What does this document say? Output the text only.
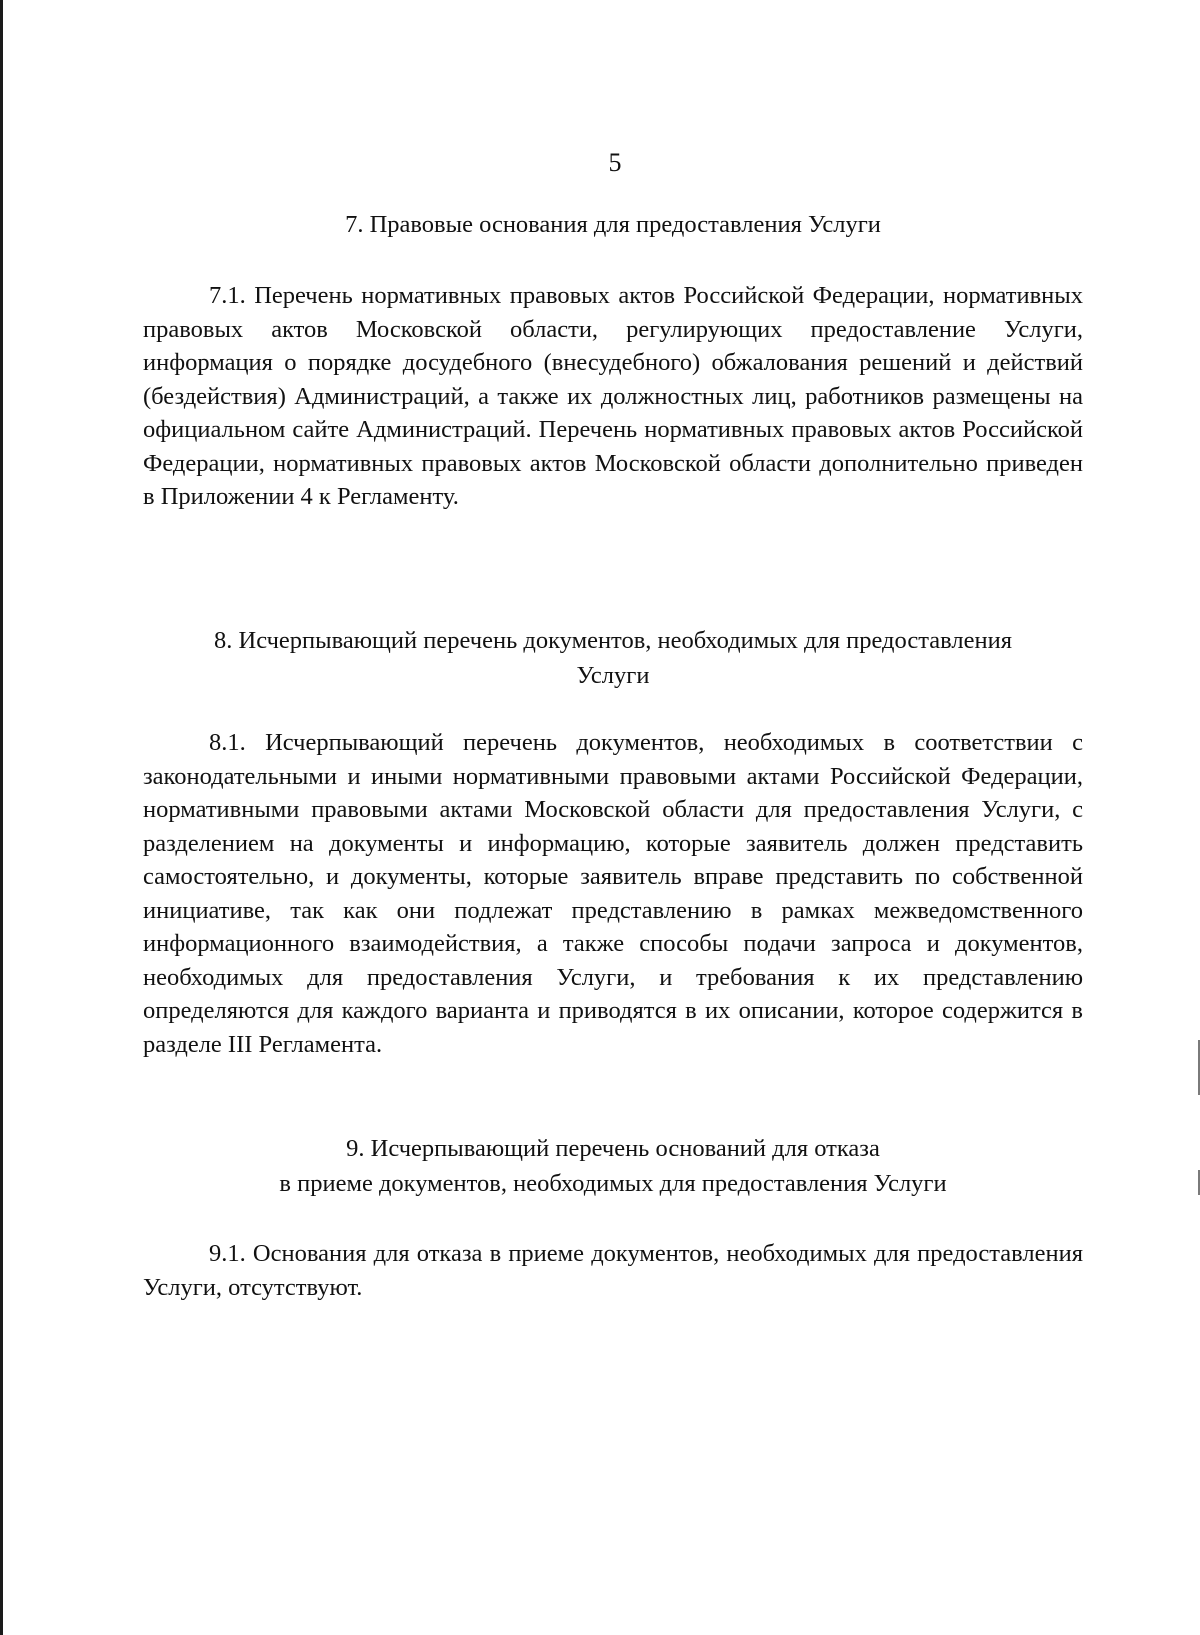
5
7. Правовые основания для предоставления Услуги

7.1. Перечень нормативных правовых актов Российской Федерации, нормативных правовых актов Московской области, регулирующих предоставление Услуги, информация о порядке досудебного (внесудебного) обжалования решений и действий (бездействия) Администраций, а также их должностных лиц, работников размещены на официальном сайте Администраций. Перечень нормативных правовых актов Российской Федерации, нормативных правовых актов Московской области дополнительно приведен в Приложении 4 к Регламенту.

8. Исчерпывающий перечень документов, необходимых для предоставления
Услуги

8.1. Исчерпывающий перечень документов, необходимых в соответствии с законодательными и иными нормативными правовыми актами Российской Федерации, нормативными правовыми актами Московской области для предоставления Услуги, с разделением на документы и информацию, которые заявитель должен представить самостоятельно, и документы, которые заявитель вправе представить по собственной инициативе, так как они подлежат представлению в рамках межведомственного информационного взаимодействия, а также способы подачи запроса и документов, необходимых для предоставления Услуги, и требования к их представлению определяются для каждого варианта и приводятся в их описании, которое содержится в разделе III Регламента.

9. Исчерпывающий перечень оснований для отказа
в приеме документов, необходимых для предоставления Услуги

9.1. Основания для отказа в приеме документов, необходимых для предоставления Услуги, отсутствуют.
